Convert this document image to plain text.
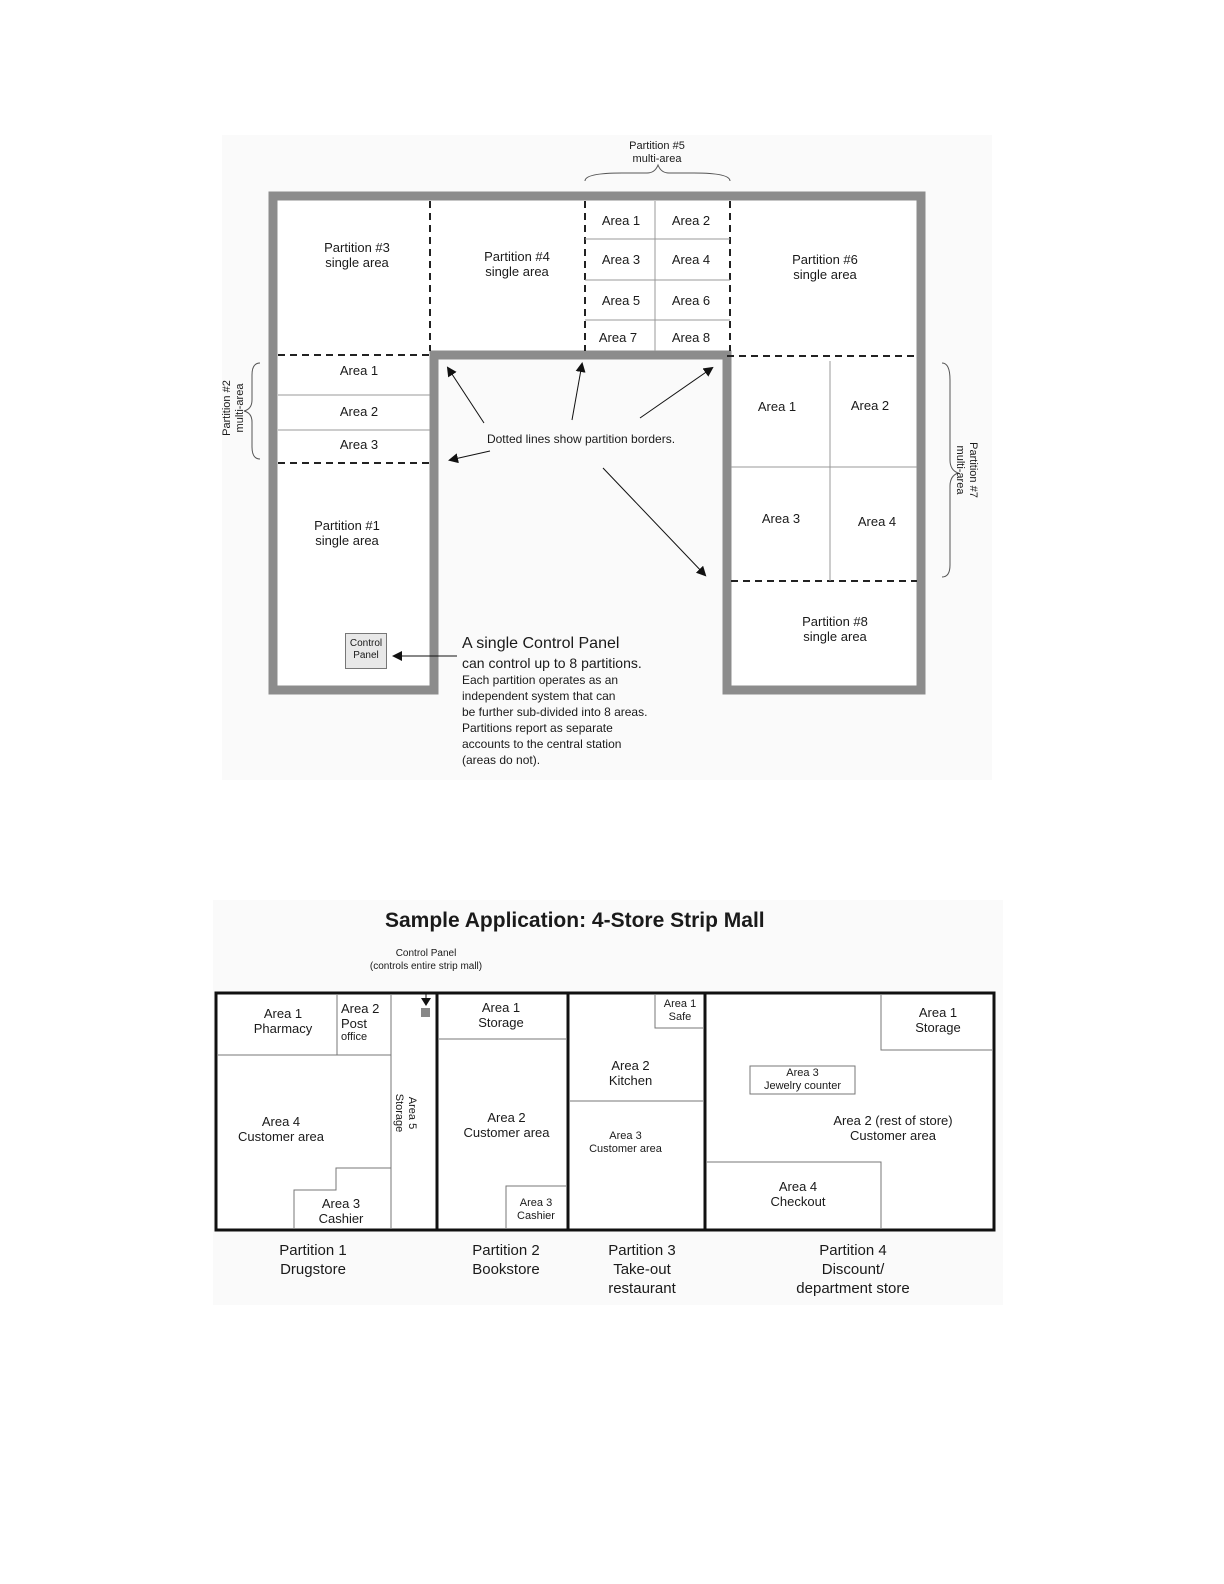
Partition #3
single area	Partition #4
single area
Partition #6
single area
Partition #1
single area
Partition #8
single area
Partition #5
multi-area
Partition #2 multi-area
Partition #7
multi-area
Area 1
Area 2
Area 3
Area 1	Area 2
Area 3	Area 4
Area 5	Area 6
Area 7	Area 8
Area 1	Area 2
Area 3	Area 4
Dotted lines show partition borders.
Control
Panel
A single Control Panel
can control up to 8 partitions.
Each partition operates as an
independent system that can
be further sub-divided into 8 areas.
Partitions report as separate
accounts to the central station
(areas do not).
Sample Application: 4-Store Strip Mall
Control Panel
(controls entire strip mall)
Area 1
Pharmacy
Area 2
Post
office
Area 4
Customer area
Area 3
Cashier
Area 5
Storage
Area 1
Storage
Area 2
Customer area
Area 3
Cashier
Area 1
Safe
Area 2
Kitchen
Area 3
Customer area
Area 1
Storage
Area 3
Jewelry counter
Area 2 (rest of store)
Customer area
Area 4
Checkout
Partition 1
Drugstore
Partition 2
Bookstore
Partition 3
Take-out
restaurant
Partition 4
Discount/
department store
